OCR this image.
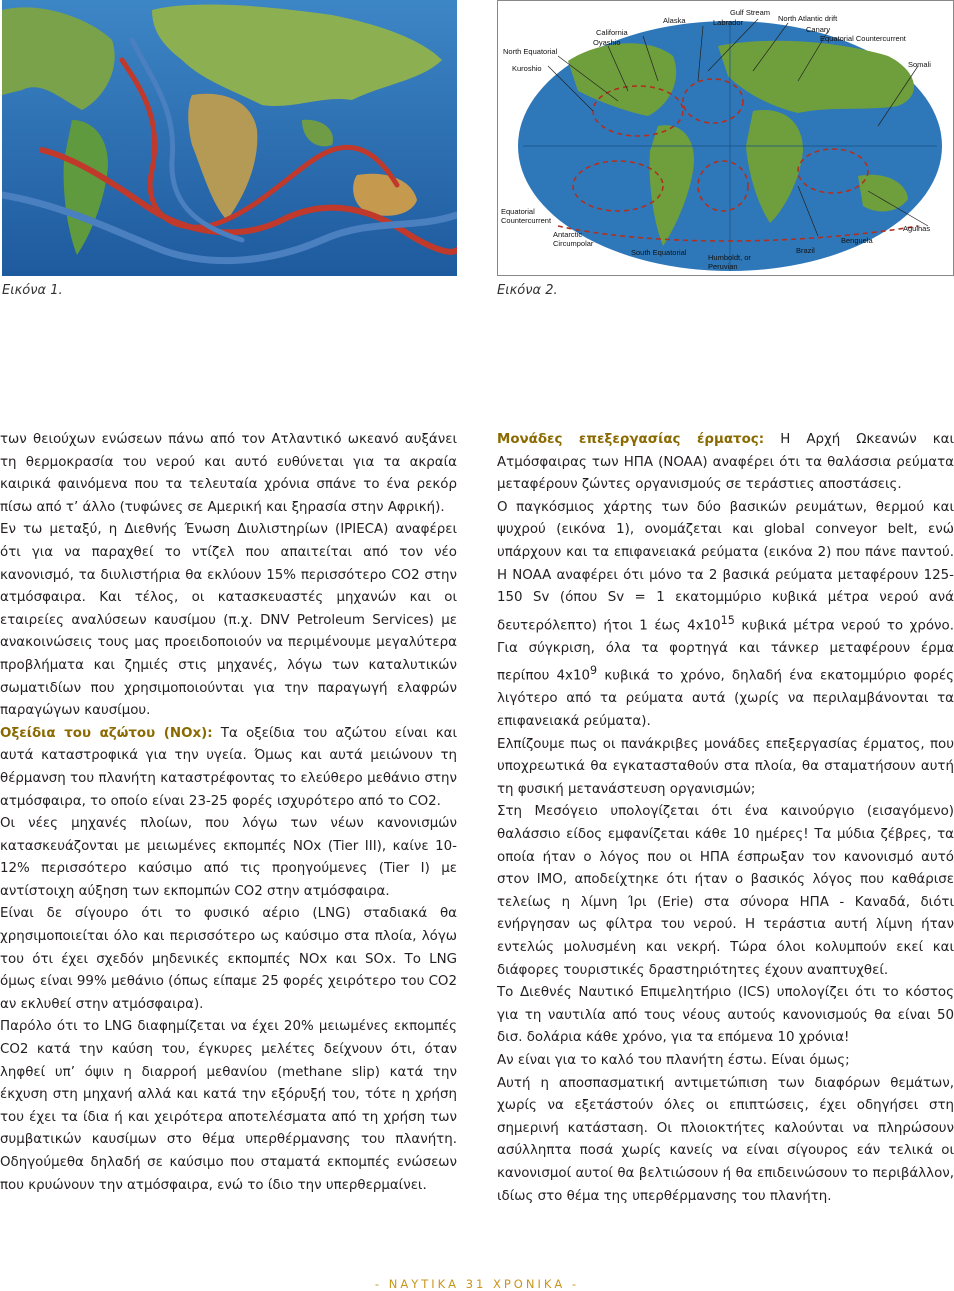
Εικόνα 1.
Gulf Stream
Alaska	Labrador	North Atlantic drift
California	Canary
Oyashio	Equatorial Countercurrent
North Equatorial
Somali
Kuroshio
Equatorial
Countercurrent
Agulhas
Antarctic
Circumpolar	Benguela
Brazil
South Equatorial
Humboldt, or
Peruvian
Εικόνα 2.

των θειούχων ενώσεων πάνω από τον Ατλαντικό ωκεανό αυξάνει τη θερμοκρασία του νερού και αυτό ευθύνεται για τα ακραία καιρικά φαινόμενα που τα τελευταία χρόνια σπάνε το ένα ρεκόρ πίσω από τ’ άλλο (τυφώνες σε Αμερική και ξηρασία στην Αφρική).

Εν τω μεταξύ, η Διεθνής Ένωση Διυλιστηρίων (IPIECA) αναφέρει ότι για να παραχθεί το ντίζελ που απαιτείται από τον νέο κανονισμό, τα διυλιστήρια θα εκλύουν 15% περισσότερο CO2 στην ατμόσφαιρα. Και τέλος, οι κατασκευαστές μηχανών και οι εταιρείες αναλύσεων καυσίμου (π.χ. DNV Petroleum Services) με ανακοινώσεις τους μας προειδοποιούν να περιμένουμε μεγαλύτερα προβλήματα και ζημιές στις μηχανές, λόγω των καταλυτικών σωματιδίων που χρησιμοποιούνται για την παραγωγή ελαφρών παραγώγων καυσίμου.

Οξείδια του αζώτου (NOx): Τα οξείδια του αζώτου είναι και αυτά καταστροφικά για την υγεία. Όμως και αυτά μειώνουν τη θέρμανση του πλανήτη καταστρέφοντας το ελεύθερο μεθάνιο στην ατμόσφαιρα, το οποίο είναι 23-25 φορές ισχυρότερο από το CO2.

Οι νέες μηχανές πλοίων, που λόγω των νέων κανονισμών κατασκευάζονται με μειωμένες εκπομπές NOx (Tier III), καίνε 10-12% περισσότερο καύσιμο από τις προηγούμενες (Tier I) με αντίστοιχη αύξηση των εκπομπών CO2 στην ατμόσφαιρα.

Είναι δε σίγουρο ότι το φυσικό αέριο (LNG) σταδιακά θα χρησιμοποιείται όλο και περισσότερο ως καύσιμο στα πλοία, λόγω του ότι έχει σχεδόν μηδενικές εκπομπές NOx και SOx. Το LNG όμως είναι 99% μεθάνιο (όπως είπαμε 25 φορές χειρότερο του CO2 αν εκλυθεί στην ατμόσφαιρα).

Παρόλο ότι το LNG διαφημίζεται να έχει 20% μειωμένες εκπομπές CO2 κατά την καύση του, έγκυρες μελέτες δείχνουν ότι, όταν ληφθεί υπ’ όψιν η διαρροή μεθανίου (methane slip) κατά την έκχυση στη μηχανή αλλά και κατά την εξόρυξή του, τότε η χρήση του έχει τα ίδια ή και χειρότερα αποτελέσματα από τη χρήση των συμβατικών καυσίμων στο θέμα υπερθέρμανσης του πλανήτη. Οδηγούμεθα δηλαδή σε καύσιμο που σταματά εκπομπές ενώσεων που κρυώνουν την ατμόσφαιρα, ενώ το ίδιο την υπερθερμαίνει.

Μονάδες επεξεργασίας έρματος: Η Αρχή Ωκεανών και Ατμόσφαιρας των ΗΠΑ (NOAA) αναφέρει ότι τα θαλάσσια ρεύματα μεταφέρουν ζώντες οργανισμούς σε τεράστιες αποστάσεις.

Ο παγκόσμιος χάρτης των δύο βασικών ρευμάτων, θερμού και ψυχρού (εικόνα 1), ονομάζεται και global conveyor belt, ενώ υπάρχουν και τα επιφανειακά ρεύματα (εικόνα 2) που πάνε παντού. Η NOAA αναφέρει ότι μόνο τα 2 βασικά ρεύματα μεταφέρουν 125-150 Sv (όπου Sv = 1 εκατομμύριο κυβικά μέτρα νερού ανά δευτερόλεπτο) ήτοι 1 έως $4x10^{15}$ κυβικά μέτρα νερού το χρόνο. Για σύγκριση, όλα τα φορτηγά και τάνκερ μεταφέρουν έρμα περίπου $4x10^9$ κυβικά το χρόνο, δηλαδή ένα εκατομμύριο φορές λιγότερο από τα ρεύματα αυτά (χωρίς να περιλαμβάνονται τα επιφανειακά ρεύματα).

Ελπίζουμε πως οι πανάκριβες μονάδες επεξεργασίας έρματος, που υποχρεωτικά θα εγκατασταθούν στα πλοία, θα σταματήσουν αυτή τη φυσική μετανάστευση οργανισμών;

Στη Μεσόγειο υπολογίζεται ότι ένα καινούργιο (εισαγόμενο) θαλάσσιο είδος εμφανίζεται κάθε 10 ημέρες! Τα μύδια ζέβρες, τα οποία ήταν ο λόγος που οι ΗΠΑ έσπρωξαν τον κανονισμό αυτό στον IMO, αποδείχτηκε ότι ήταν ο βασικός λόγος που καθάρισε τελείως η λίμνη Ίρι (Εrie) στα σύνορα ΗΠΑ - Καναδά, διότι ενήργησαν ως φίλτρα του νερού. Η τεράστια αυτή λίμνη ήταν εντελώς μολυσμένη και νεκρή. Τώρα όλοι κολυμπούν εκεί και διάφορες τουριστικές δραστηριότητες έχουν αναπτυχθεί.

Το Διεθνές Ναυτικό Επιμελητήριο (ICS) υπολογίζει ότι το κόστος για τη ναυτιλία από τους νέους αυτούς κανονισμούς θα είναι 50 δισ. δολάρια κάθε χρόνο, για τα επόμενα 10 χρόνια!

Αν είναι για το καλό του πλανήτη έστω. Είναι όμως;

Αυτή η αποσπασματική αντιμετώπιση των διαφόρων θεμάτων, χωρίς να εξετάστούν όλες οι επιπτώσεις, έχει οδηγήσει στη σημερινή κατάσταση. Οι πλοιοκτήτες καλούνται να πληρώσουν ασύλληπτα ποσά χωρίς κανείς να είναι σίγουρος εάν τελικά οι κανονισμοί αυτοί θα βελτιώσουν ή θα επιδεινώσουν το περιβάλλον, ιδίως στο θέμα της υπερθέρμανσης του πλανήτη.

- ΝΑΥΤΙΚΑ 31 ΧΡΟΝΙΚΑ -
